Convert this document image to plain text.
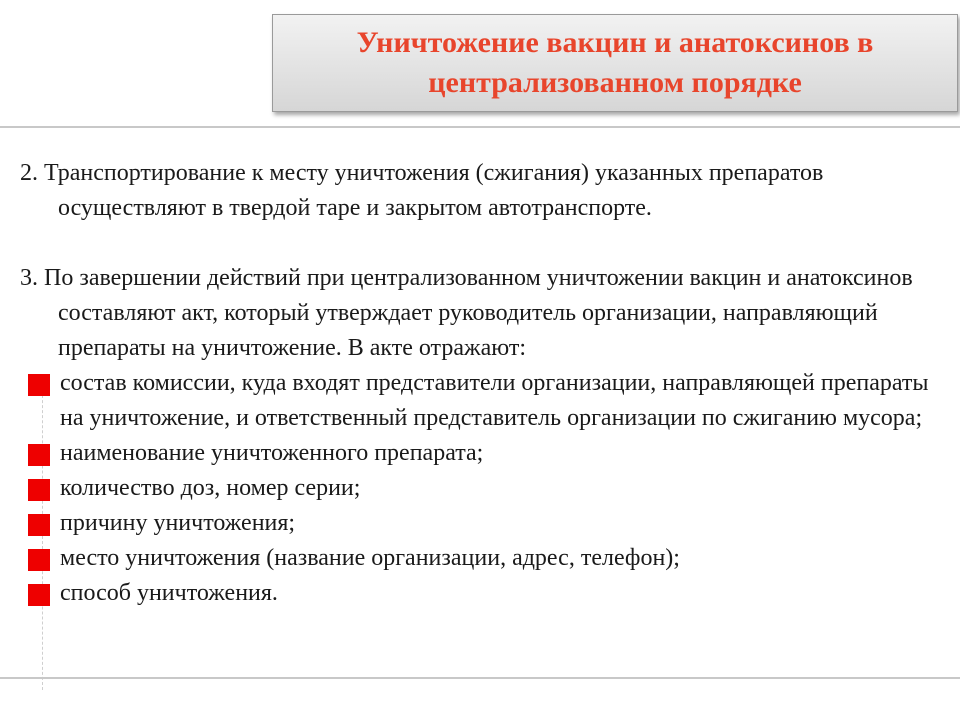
Уничтожение вакцин и анатоксинов в централизованном порядке

2. Транспортирование к месту уничтожения (сжигания) указанных препаратов осуществляют в твердой таре и закрытом автотранспорте.

3. По завершении действий при централизованном уничтожении вакцин и анатоксинов составляют акт, который утверждает руководитель организации, направляющий препараты на уничтожение. В акте отражают:

состав комиссии, куда входят представители организации, направляющей препараты на уничтожение, и ответственный представитель организации по сжиганию мусора;
наименование уничтоженного препарата;
количество доз, номер серии;
причину уничтожения;
место уничтожения (название организации, адрес, телефон);
способ уничтожения.
